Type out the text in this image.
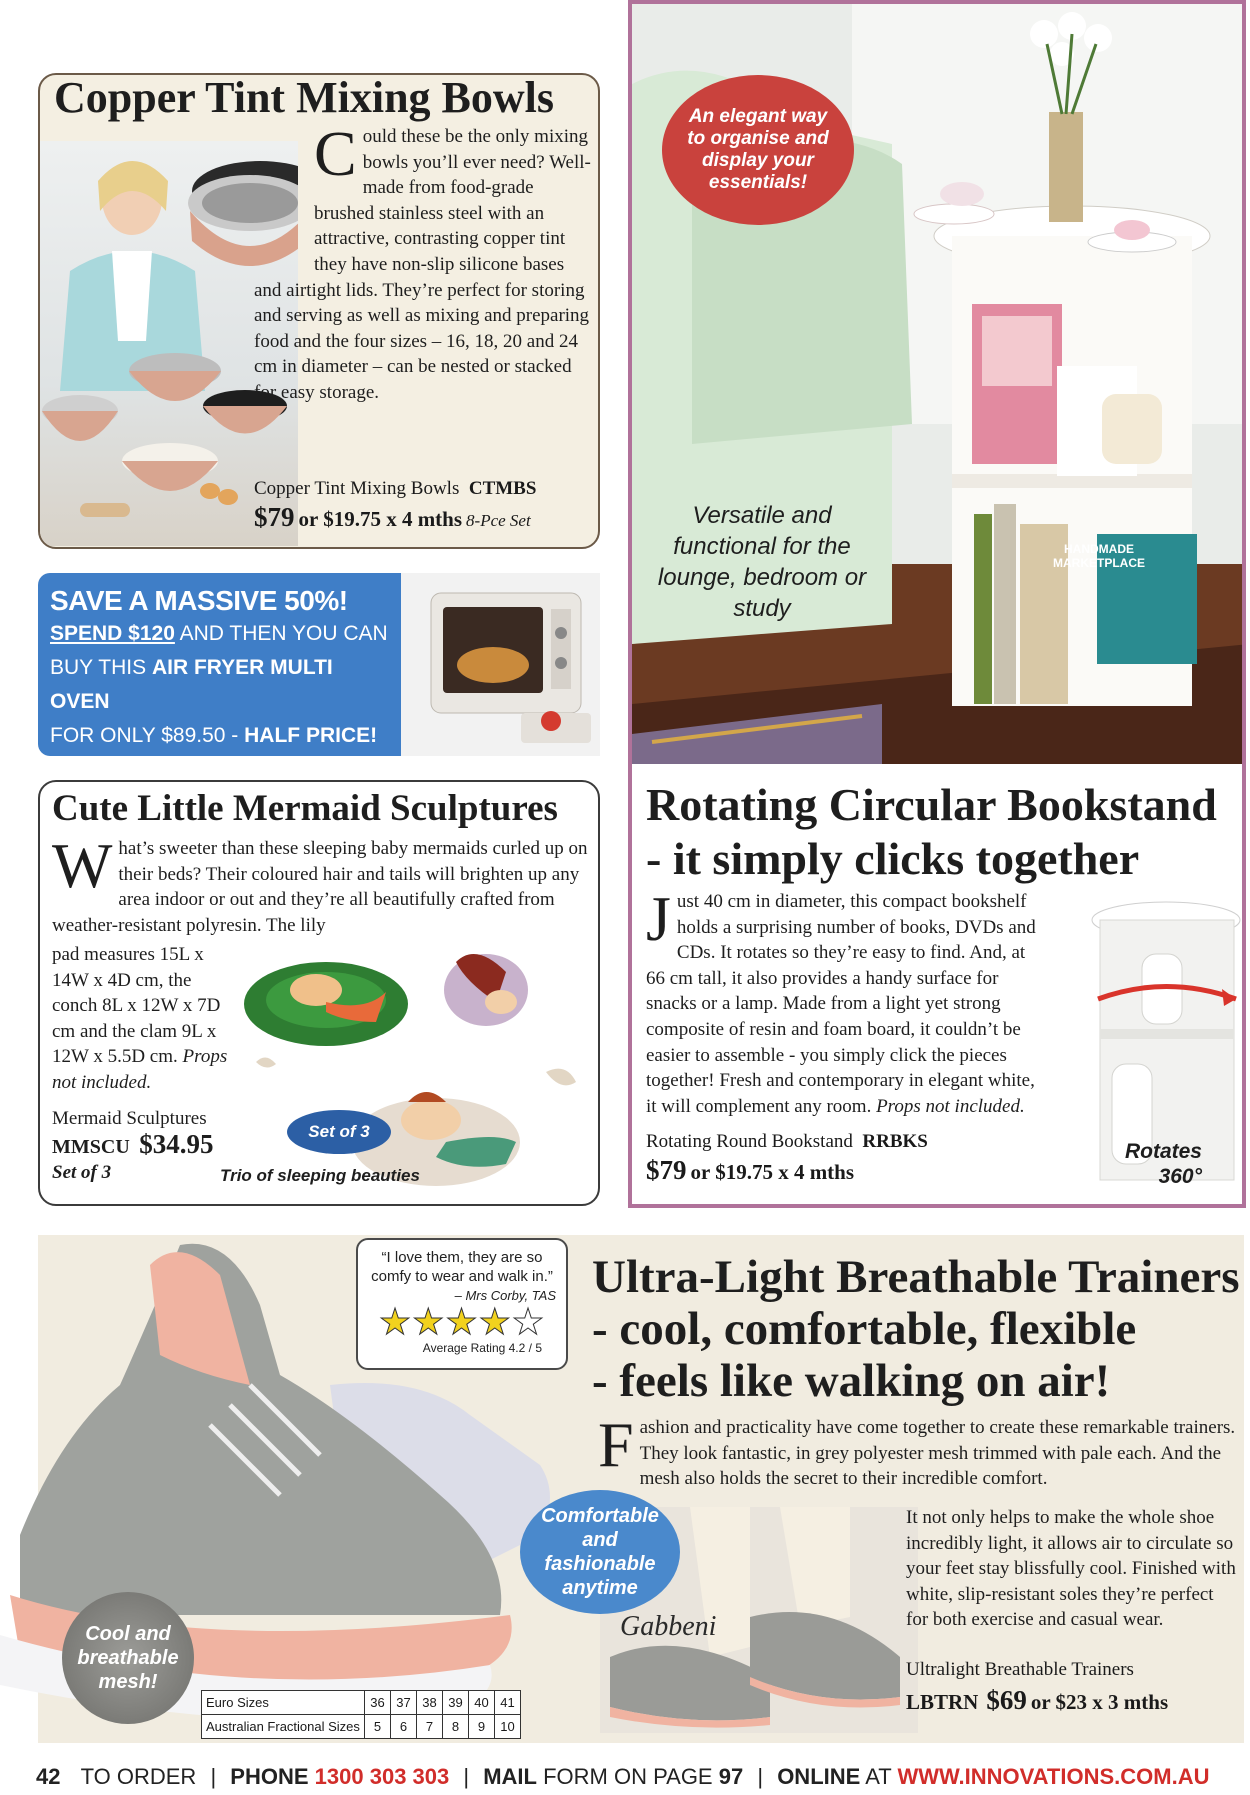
Copper Tint Mixing Bowls
C ould these be the only mixing bowls you’ll ever need? Well-made from food-grade brushed stainless steel with an attractive, contrasting copper tint they have non-slip silicone bases and airtight lids. They’re perfect for storing and serving as well as mixing and preparing food and the four sizes – 16, 18, 20 and 24 cm in diameter – can be nested or stacked for easy storage.
Copper Tint Mixing Bowls CTMBS
$79 or $19.75 x 4 mths 8-Pce Set
SAVE A MASSIVE 50%!
SPEND $120 AND THEN YOU CAN
BUY THIS AIR FRYER MULTI OVEN
FOR ONLY $89.50 - HALF PRICE!
TURN TO THE BACK COVER FOR DETAILS
Cute Little Mermaid Sculptures
W hat’s sweeter than these sleeping baby mermaids curled up on their beds? Their coloured hair and tails will brighten up any area indoor or out and they’re all beautifully crafted from weather-resistant polyresin. The lily
pad measures 15L x 14W x 4D cm, the conch 8L x 12W x 7D cm and the clam 9L x 12W x 5.5D cm. Props not included.
Mermaid Sculptures
MMSCU $34.95
Set of 3	Trio of sleeping beauties
Set of 3
HANDMADE MARKETPLACE
Versatile and functional for the lounge, bedroom or study
Rotating Circular Bookstand
- it simply clicks together
J ust 40 cm in diameter, this compact bookshelf holds a surprising number of books, DVDs and CDs. It rotates so they’re easy to find. And, at 66 cm tall, it also provides a handy surface for snacks or a lamp. Made from a light yet strong composite of resin and foam board, it couldn’t be easier to assemble - you simply click the pieces together! Fresh and contemporary in elegant white, it will complement any room. Props not included.
Rotating Round Bookstand RRBKS
$79 or $19.75 x 4 mths
Rotates 360°
An elegant way to organise and display your essentials!
Ultra-Light Breathable Trainers
- cool, comfortable, flexible
- feels like walking on air!
F ashion and practicality have come together to create these remarkable trainers. They look fantastic, in grey polyester mesh trimmed with pale each. And the mesh also holds the secret to their incredible comfort.
Gabbeni
It not only helps to make the whole shoe incredibly light, it allows air to circulate so your feet stay blissfully cool. Finished with white, slip-resistant soles they’re perfect for both exercise and casual wear.
Ultralight Breathable Trainers
LBTRN $69 or $23 x 3 mths
“I love them, they are so comfy to wear and walk in.”
– Mrs Corby, TAS
★★★★★
Average Rating 4.2 / 5
Comfortable and fashionable anytime
Cool and breathable mesh!
Euro Sizes	36	37	38	39	40	41
Australian Fractional Sizes	5	6	7	8	9	10
42 TO ORDER | PHONE 1300 303 303 | MAIL FORM ON PAGE 97 | ONLINE AT WWW.INNOVATIONS.COM.AU
